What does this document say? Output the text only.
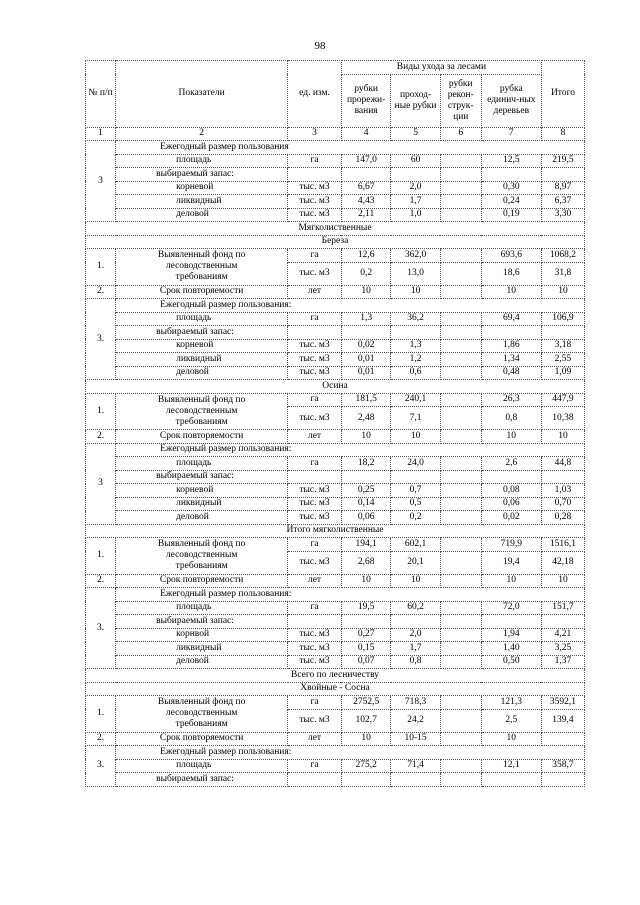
98
№ п/п	Показатели	ед. изм.	Виды ухода за лесами				Итого
			рубки прорежи-вания	проход-ные рубки	рубки рекон-струк-ции	рубка единич-ных деревьев	
1	2	3	4	5	6	7	8
3	Ежегодный размер пользования						
	площадь	га	147,0	60		12,5	219,5
	выбираемый запас:						
	корневой	тыс. м3	6,67	2,0		0,30	8,97
	ликвидный	тыс. м3	4,43	1,7		0,24	6,37
	деловой	тыс. м3	2,11	1,0		0,19	3,30
Мягколиственные							
Береза							
1.	Выявленный фонд по
лесоводственным
требованиям	га	12,6	362,0		693,6	1068,2
		тыс. м3	0,2	13,0		18,6	31,8
2.	Срок повторяемости	лет	10	10		10	10
3.	Ежегодный размер пользования:						
	площадь	га	1,3	36,2		69,4	106,9
	выбираемый запас:						
	корневой	тыс. м3	0,02	1,3		1,86	3,18
	ликвидный	тыс. м3	0,01	1,2		1,34	2,55
	деловой	тыс. м3	0,01	0,6		0,48	1,09
Осина							
1.	Выявленный фонд по
лесоводственным
требованиям	га	181,5	240,1		26,3	447,9
		тыс. м3	2,48	7,1		0,8	10,38
2.	Срок повторяемости	лет	10	10		10	10
3	Ежегодный размер пользования:						
	площадь	га	18,2	24,0		2,6	44,8
	выбираемый запас:						
	корневой	тыс. м3	0,25	0,7		0,08	1,03
	ликвидный	тыс. м3	0,14	0,5		0,06	0,70
	деловой	тыс. м3	0,06	0,2		0,02	0,28
Итого мягколиственные							
1.	Выявленный фонд по
лесоводственным
требованиям	га	194,1	602,1		719,9	1516,1
		тыс. м3	2,68	20,1		19,4	42,18
2.	Срок повторяемости	лет	10	10		10	10
3.	Ежегодный размер пользования:						
	площадь	га	19,5	60,2		72,0	151,7
	выбираемый запас:						
	корнвой	тыс. м3	0,27	2,0		1,94	4,21
	ликвидный	тыс. м3	0,15	1,7		1,40	3,25
	деловой	тыс. м3	0,07	0,8		0,50	1,37
Всего по лесничеству							
Хвойные - Сосна							
1.	Выявленный фонд по
лесоводственным
требованиям	га	2752,5	718,3		121,3	3592,1
		тыс. м3	102,7	24,2		2,5	139,4
2.	Срок повторяемости	лет	10	10-15		10	
3.	Ежегодный размер пользования:						
	площадь	га	275,2	71,4		12,1	358,7
	выбираемый запас:						
